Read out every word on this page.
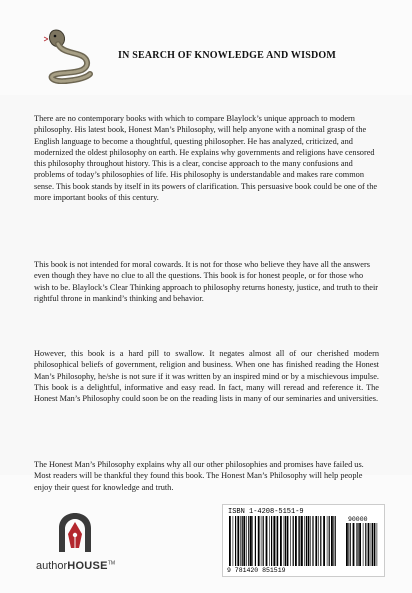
IN SEARCH OF KNOWLEDGE AND WISDOM
There are no contemporary books with which to compare Blaylock’s unique approach to modern philosophy. His latest book, Honest Man’s Philosophy, will help anyone with a nominal grasp of the English language to become a thoughtful, questing philosopher. He has analyzed, criticized, and modernized the oldest philosophy on earth. He explains why governments and religions have censored this philosophy throughout history. This is a clear, concise approach to the many confusions and problems of today’s philosophies of life. His philosophy is understandable and makes rare common sense. This book stands by itself in its powers of clarification. This persuasive book could be one of the more important books of this century.
This book is not intended for moral cowards. It is not for those who believe they have all the answers even though they have no clue to all the questions. This book is for honest people, or for those who wish to be. Blaylock’s Clear Thinking approach to philosophy returns honesty, justice, and truth to their rightful throne in mankind’s thinking and behavior.
However, this book is a hard pill to swallow. It negates almost all of our cherished modern philosophical beliefs of government, religion and business. When one has finished reading the Honest Man’s Philosophy, he/she is not sure if it was written by an inspired mind or by a mischievous impulse. This book is a delightful, informative and easy read. In fact, many will reread and reference it. The Honest Man’s Philosophy could soon be on the reading lists in many of our seminaries and universities.
The Honest Man’s Philosophy explains why all our other philosophies and promises have failed us. Most readers will be thankful they found this book. The Honest Man’s Philosophy will help people enjoy their quest for knowledge and truth.
authorHOUSE™
ISBN 1-4208-5151-9
90000
9 781420 851519
